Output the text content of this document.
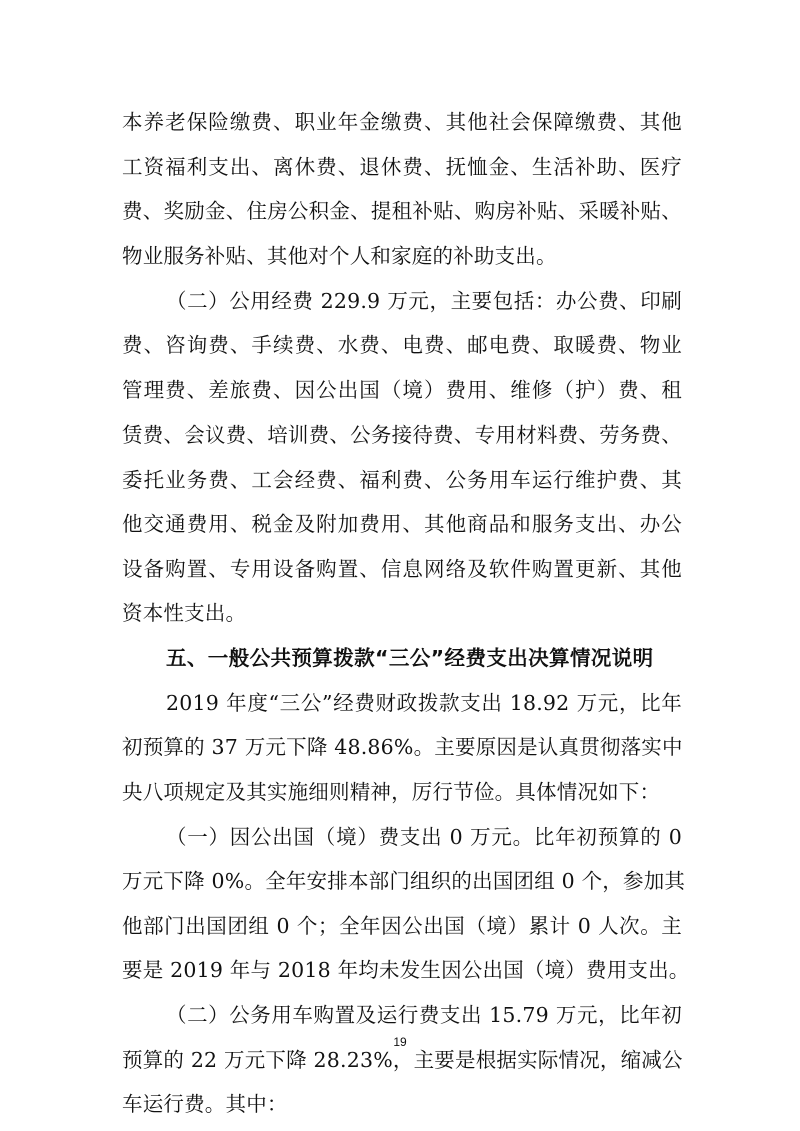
本养老保险缴费、职业年金缴费、其他社会保障缴费、其他
工资福利支出、离休费、退休费、抚恤金、生活补助、医疗
费、奖励金、住房公积金、提租补贴、购房补贴、采暖补贴、
物业服务补贴、其他对个人和家庭的补助支出。
（二）公用经费 229.9 万元，主要包括：办公费、印刷
费、咨询费、手续费、水费、电费、邮电费、取暖费、物业
管理费、差旅费、因公出国（境）费用、维修（护）费、租
赁费、会议费、培训费、公务接待费、专用材料费、劳务费、
委托业务费、工会经费、福利费、公务用车运行维护费、其
他交通费用、税金及附加费用、其他商品和服务支出、办公
设备购置、专用设备购置、信息网络及软件购置更新、其他
资本性支出。
五、一般公共预算拨款“三公”经费支出决算情况说明
2019 年度“三公”经费财政拨款支出 18.92 万元，比年
初预算的 37 万元下降 48.86%。主要原因是认真贯彻落实中
央八项规定及其实施细则精神，厉行节俭。具体情况如下：
（一）因公出国（境）费支出 0 万元。比年初预算的 0
万元下降 0%。全年安排本部门组织的出国团组 0 个，参加其
他部门出国团组 0 个；全年因公出国（境）累计 0 人次。主
要是 2019 年与 2018 年均未发生因公出国（境）费用支出。
（二）公务用车购置及运行费支出 15.79 万元，比年初
预算的 22 万元下降 28.23%，主要是根据实际情况，缩减公
车运行费。其中：
19
